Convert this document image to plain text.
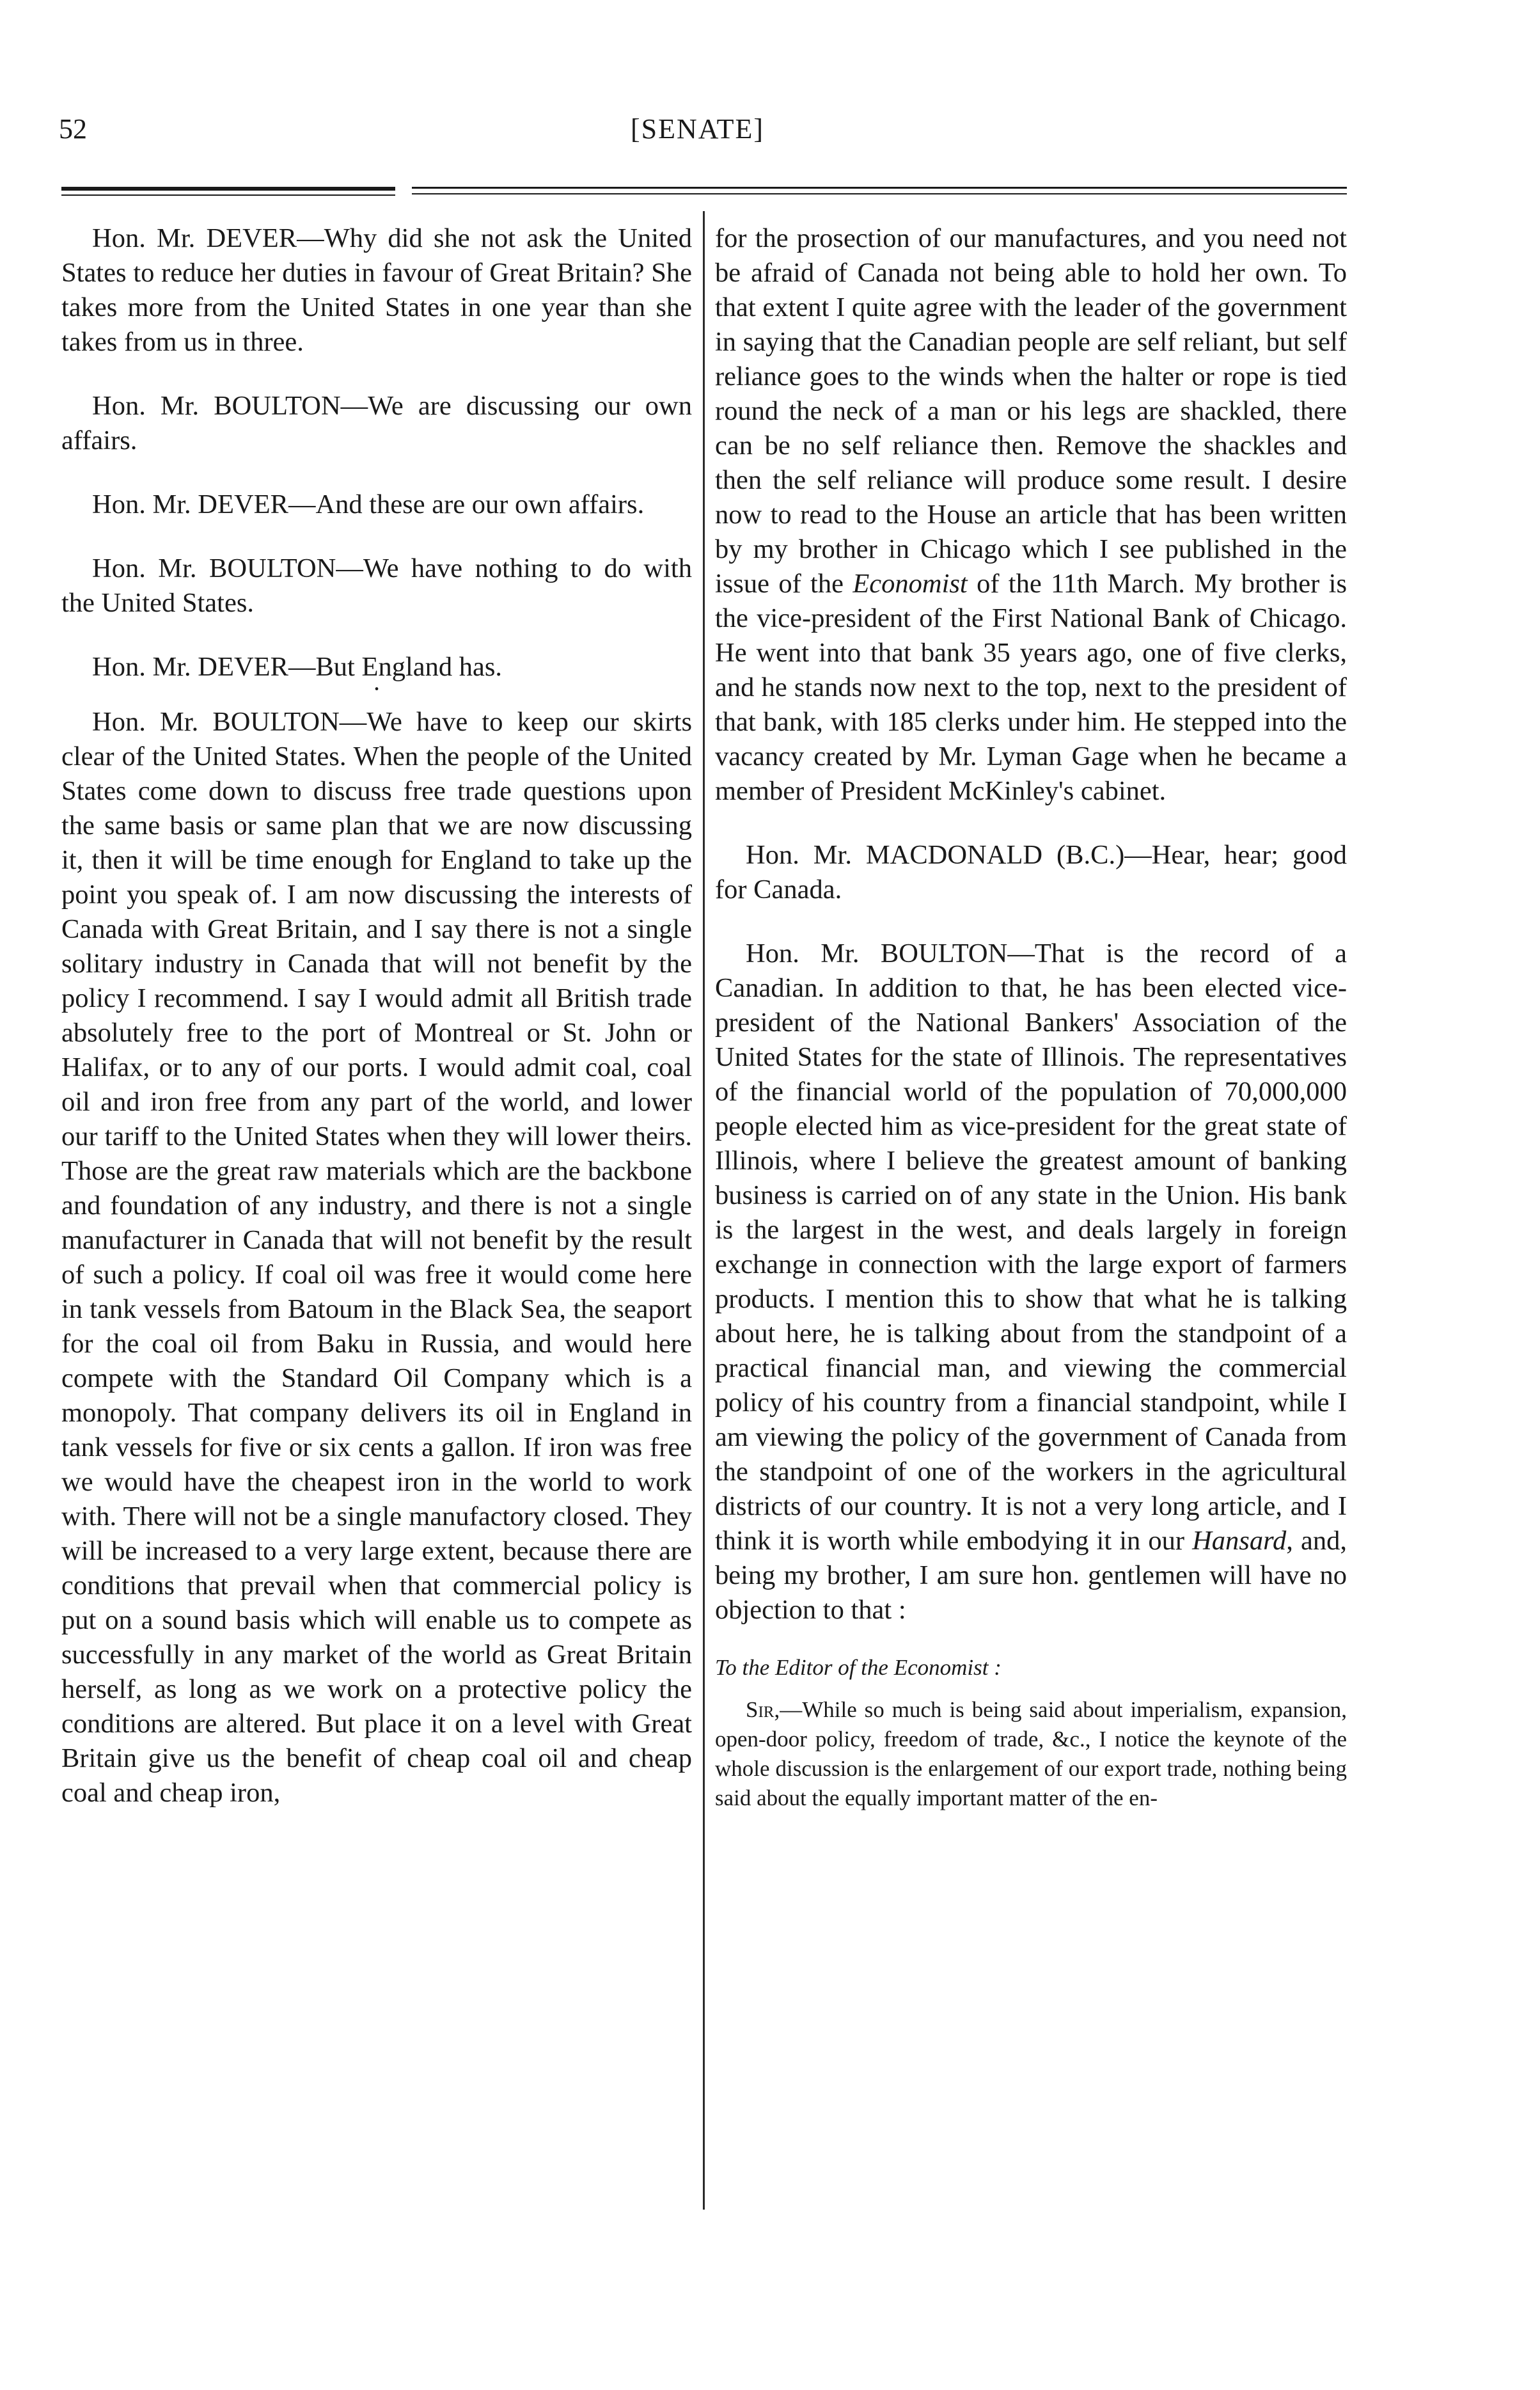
52	[SENATE]

Hon. Mr. DEVER—Why did she not ask the United States to reduce her duties in favour of Great Britain? She takes more from the United States in one year than she takes from us in three.

Hon. Mr. BOULTON—We are discussing our own affairs.

Hon. Mr. DEVER—And these are our own affairs.

Hon. Mr. BOULTON—We have nothing to do with the United States.

Hon. Mr. DEVER—But England has.

·

Hon. Mr. BOULTON—We have to keep our skirts clear of the United States. When the people of the United States come down to discuss free trade questions upon the same basis or same plan that we are now discussing it, then it will be time enough for England to take up the point you speak of. I am now discussing the interests of Canada with Great Britain, and I say there is not a single solitary industry in Canada that will not benefit by the policy I recommend. I say I would admit all British trade absolutely free to the port of Montreal or St. John or Halifax, or to any of our ports. I would admit coal, coal oil and iron free from any part of the world, and lower our tariff to the United States when they will lower theirs. Those are the great raw materials which are the backbone and foundation of any industry, and there is not a single manufacturer in Canada that will not benefit by the result of such a policy. If coal oil was free it would come here in tank vessels from Batoum in the Black Sea, the seaport for the coal oil from Baku in Russia, and would here compete with the Standard Oil Company which is a monopoly. That company delivers its oil in England in tank vessels for five or six cents a gallon. If iron was free we would have the cheapest iron in the world to work with. There will not be a single manufactory closed. They will be increased to a very large extent, because there are conditions that prevail when that commercial policy is put on a sound basis which will enable us to compete as successfully in any market of the world as Great Britain herself, as long as we work on a protective policy the conditions are altered. But place it on a level with Great Britain give us the benefit of cheap coal oil and cheap coal and cheap iron,

for the prosection of our manufactures, and you need not be afraid of Canada not being able to hold her own. To that extent I quite agree with the leader of the government in saying that the Canadian people are self reliant, but self reliance goes to the winds when the halter or rope is tied round the neck of a man or his legs are shackled, there can be no self reliance then. Remove the shackles and then the self reliance will produce some result. I desire now to read to the House an article that has been written by my brother in Chicago which I see published in the issue of the Economist of the 11th March. My brother is the vice-president of the First National Bank of Chicago. He went into that bank 35 years ago, one of five clerks, and he stands now next to the top, next to the president of that bank, with 185 clerks under him. He stepped into the vacancy created by Mr. Lyman Gage when he became a member of President McKinley's cabinet.

Hon. Mr. MACDONALD (B.C.)—Hear, hear; good for Canada.

Hon. Mr. BOULTON—That is the record of a Canadian. In addition to that, he has been elected vice-president of the National Bankers' Association of the United States for the state of Illinois. The representatives of the financial world of the population of 70,000,000 people elected him as vice-president for the great state of Illinois, where I believe the greatest amount of banking business is carried on of any state in the Union. His bank is the largest in the west, and deals largely in foreign exchange in connection with the large export of farmers products. I mention this to show that what he is talking about here, he is talking about from the standpoint of a practical financial man, and viewing the commercial policy of his country from a financial standpoint, while I am viewing the policy of the government of Canada from the standpoint of one of the workers in the agricultural districts of our country. It is not a very long article, and I think it is worth while embodying it in our Hansard, and, being my brother, I am sure hon. gentlemen will have no objection to that :

To the Editor of the Economist :

Sir,—While so much is being said about imperialism, expansion, open-door policy, freedom of trade, &c., I notice the keynote of the whole discussion is the enlargement of our export trade, nothing being said about the equally important matter of the en-
